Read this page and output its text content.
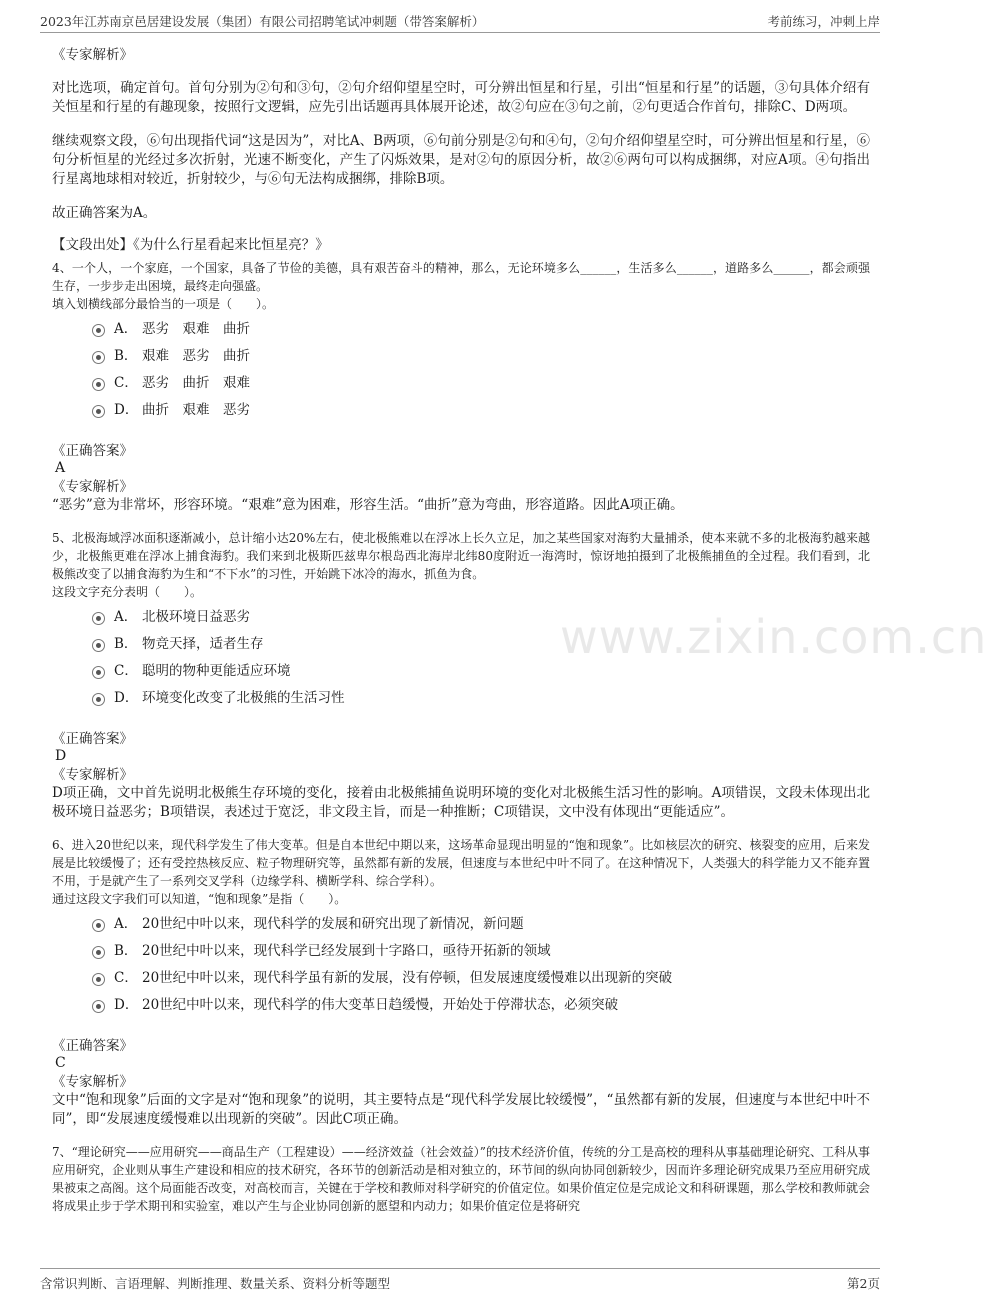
2023年江苏南京邑居建设发展（集团）有限公司招聘笔试冲刺题（带答案解析）	考前练习，冲刺上岸
www.zixin.com.cn

《专家解析》

对比选项，确定首句。首句分别为②句和③句，②句介绍仰望星空时，可分辨出恒星和行星，引出“恒星和行星”的话题，③句具体介绍有关恒星和行星的有趣现象，按照行文逻辑，应先引出话题再具体展开论述，故②句应在③句之前，②句更适合作首句，排除C、D两项。

继续观察文段，⑥句出现指代词“这是因为”，对比A、B两项，⑥句前分别是②句和④句，②句介绍仰望星空时，可分辨出恒星和行星，⑥句分析恒星的光经过多次折射，光速不断变化，产生了闪烁效果，是对②句的原因分析，故②⑥两句可以构成捆绑，对应A项。④句指出行星离地球相对较近，折射较少，与⑥句无法构成捆绑，排除B项。

故正确答案为A。

【文段出处】《为什么行星看起来比恒星亮？》

4、一个人，一个家庭，一个国家，具备了节俭的美德，具有艰苦奋斗的精神，那么，无论环境多么______，生活多么______，道路多么______，都会顽强生存，一步步走出困境，最终走向强盛。

填入划横线部分最恰当的一项是（　　）。

A． 恶劣　艰难　曲折
B． 艰难　恶劣　曲折
C． 恶劣　曲折　艰难
D． 曲折　艰难　恶劣

《正确答案》

A

《专家解析》

“恶劣”意为非常坏，形容环境。“艰难”意为困难，形容生活。“曲折”意为弯曲，形容道路。因此A项正确。

5、北极海域浮冰面积逐渐减小，总计缩小达20%左右，使北极熊难以在浮冰上长久立足，加之某些国家对海豹大量捕杀，使本来就不多的北极海豹越来越少，北极熊更难在浮冰上捕食海豹。我们来到北极斯匹兹卑尔根岛西北海岸北纬80度附近一海湾时，惊讶地拍摄到了北极熊捕鱼的全过程。我们看到，北极熊改变了以捕食海豹为生和“不下水”的习性，开始跳下冰冷的海水，抓鱼为食。

这段文字充分表明（　　）。

A． 北极环境日益恶劣
B． 物竞天择，适者生存
C． 聪明的物种更能适应环境
D． 环境变化改变了北极熊的生活习性

《正确答案》

D

《专家解析》

D项正确，文中首先说明北极熊生存环境的变化，接着由北极熊捕鱼说明环境的变化对北极熊生活习性的影响。A项错误，文段未体现出北极环境日益恶劣；B项错误，表述过于宽泛，非文段主旨，而是一种推断；C项错误，文中没有体现出“更能适应”。

6、进入20世纪以来，现代科学发生了伟大变革。但是自本世纪中期以来，这场革命显现出明显的“饱和现象”。比如核层次的研究、核裂变的应用，后来发展是比较缓慢了；还有受控热核反应、粒子物理研究等，虽然都有新的发展，但速度与本世纪中叶不同了。在这种情况下，人类强大的科学能力又不能弃置不用，于是就产生了一系列交叉学科（边缘学科、横断学科、综合学科）。

通过这段文字我们可以知道，“饱和现象”是指（　　）。

A． 20世纪中叶以来，现代科学的发展和研究出现了新情况，新问题
B． 20世纪中叶以来，现代科学已经发展到十字路口，亟待开拓新的领域
C． 20世纪中叶以来，现代科学虽有新的发展，没有停顿，但发展速度缓慢难以出现新的突破
D． 20世纪中叶以来，现代科学的伟大变革日趋缓慢，开始处于停滞状态，必须突破

《正确答案》

C

《专家解析》

文中“饱和现象”后面的文字是对“饱和现象”的说明，其主要特点是“现代科学发展比较缓慢”，“虽然都有新的发展，但速度与本世纪中叶不同”，即“发展速度缓慢难以出现新的突破”。因此C项正确。

7、“理论研究——应用研究——商品生产（工程建设）——经济效益（社会效益）”的技术经济价值，传统的分工是高校的理科从事基础理论研究、工科从事应用研究，企业则从事生产建设和相应的技术研究，各环节的创新活动是相对独立的，环节间的纵向协同创新较少，因而许多理论研究成果乃至应用研究成果被束之高阁。这个局面能否改变，对高校而言，关键在于学校和教师对科学研究的价值定位。如果价值定位是完成论文和科研课题，那么学校和教师就会将成果止步于学术期刊和实验室，难以产生与企业协同创新的愿望和内动力；如果价值定位是将研究

含常识判断、言语理解、判断推理、数量关系、资料分析等题型	第2页
